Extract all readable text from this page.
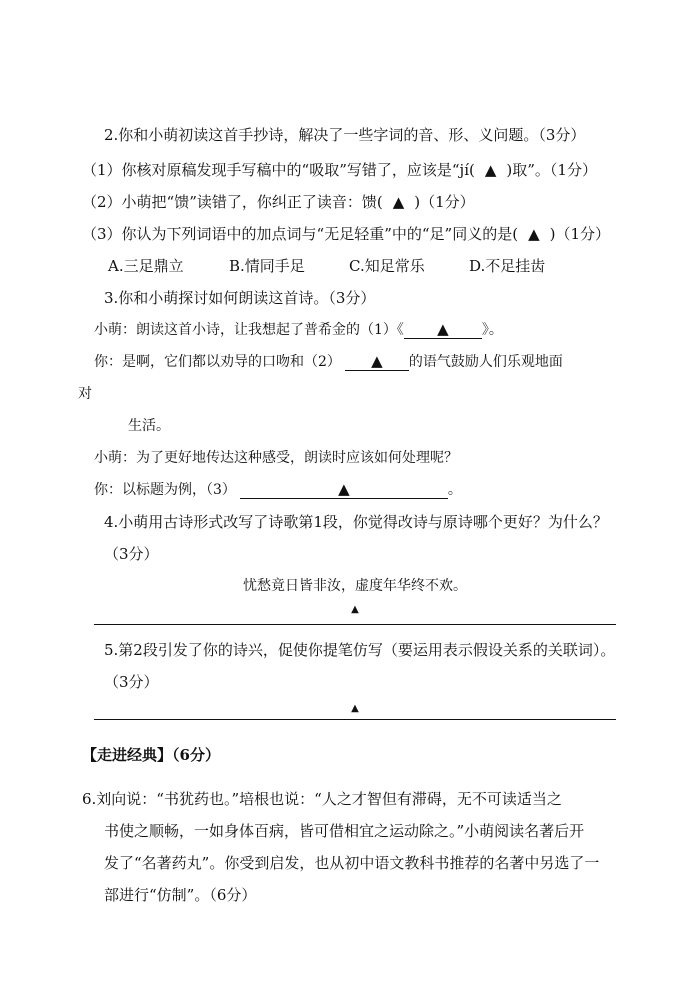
2.你和小萌初读这首手抄诗，解决了一些字词的音、形、义问题。（3分）
（1）你核对原稿发现手写稿中的“吸取”写错了，应该是“jí( ▲ )取”。（1分）
（2）小萌把“馈”读错了，你纠正了读音：馈( ▲ )（1分）
（3）你认为下列词语中的加点词与“无足轻重”中的“足”同义的是( ▲ )（1分）
A.三足鼎立	B.情同手足	C.知足常乐	D.不足挂齿
3.你和小萌探讨如何朗读这首诗。（3分）
小萌：朗读这首小诗，让我想起了普希金的（1）《 ▲ 》。
你：是啊，它们都以劝导的口吻和（2） ▲ 的语气鼓励人们乐观地面
对
生活。
小萌：为了更好地传达这种感受，朗读时应该如何处理呢？
你：以标题为例，（3）	▲	。
4.小萌用古诗形式改写了诗歌第1段，你觉得改诗与原诗哪个更好？为什么？
（3分）
忧愁竟日皆非汝，虚度年华终不欢。
▲
5.第2段引发了你的诗兴，促使你提笔仿写（要运用表示假设关系的关联词）。
（3分）
▲
【走进经典】（6分）
6.刘向说：“书犹药也。”培根也说：“人之才智但有滞碍，无不可读适当之
书使之顺畅，一如身体百病，皆可借相宜之运动除之。”小萌阅读名著后开
发了“名著药丸”。你受到启发，也从初中语文教科书推荐的名著中另选了一
部进行“仿制”。（6分）
